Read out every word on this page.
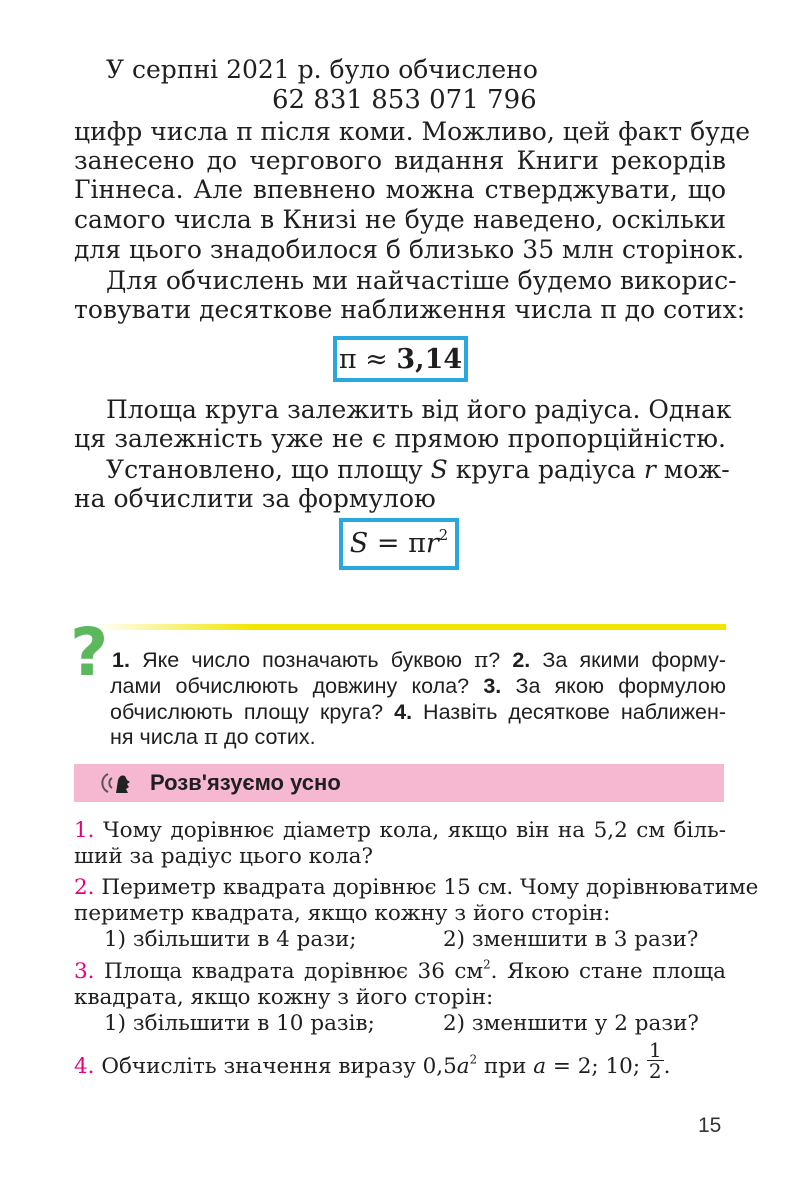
У серпні 2021 р. було обчислено
62 831 853 071 796
цифр числа π після коми. Можливо, цей факт буде
занесено до чергового видання Книги рекордів
Гіннеса. Але впевнено можна стверджувати, що
самого числа в Книзі не буде наведено, оскільки
для цього знадобилося б близько 35 млн сторінок.
Для обчислень ми найчастіше будемо викорис-
товувати десяткове наближення числа π до сотих:
π ≈ 3,14
Площа круга залежить від його радіуса. Однак
ця залежність уже не є прямою пропорційністю.
Установлено, що площу S круга радіуса r мож-
на обчислити за формулою
$S = \pi r^2$
? 1. Яке число позначають буквою π? 2. За якими форму-
лами обчислюють довжину кола? 3. За якою формулою
обчислюють площу круга? 4. Назвіть десяткове наближен-
ня числа π до сотих.
Розв'язуємо усно
1. Чому дорівнює діаметр кола, якщо він на 5,2 см біль-
ший за радіус цього кола?
2. Периметр квадрата дорівнює 15 см. Чому дорівнюватиме
периметр квадрата, якщо кожну з його сторін:
1) збільшити в 4 рази;	2) зменшити в 3 рази?
3. Площа квадрата дорівнює 36 $см^2$. Якою стане площа
квадрата, якщо кожну з його сторін:
1) збільшити в 10 разів;	2) зменшити у 2 рази?
4. Обчисліть значення виразу $0,5a^2$ при a = 2; 10; $\frac{1}{2}$ .
15
